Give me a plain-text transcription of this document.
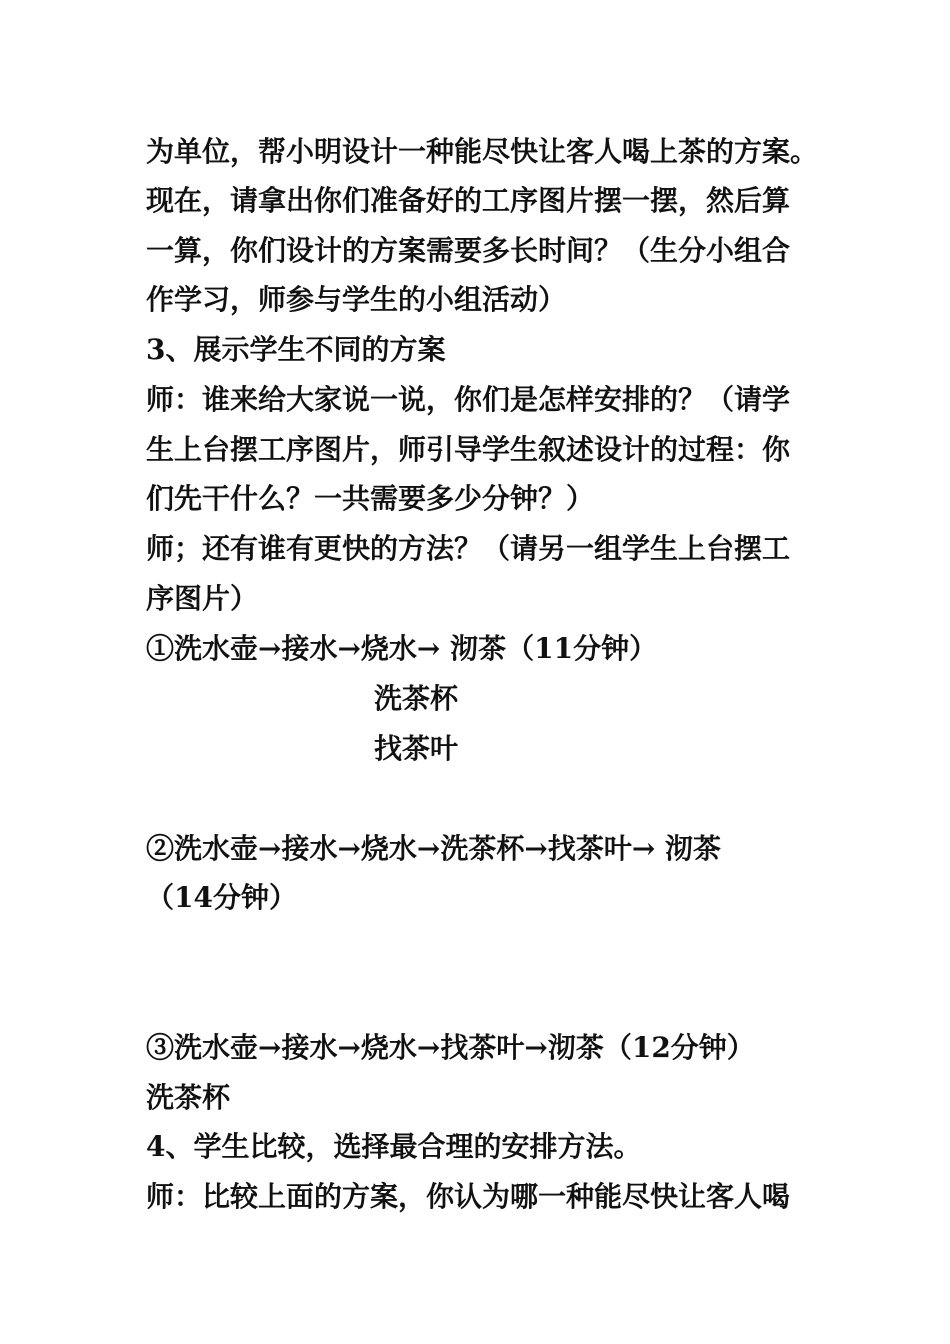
为单位，帮小明设计一种能尽快让客人喝上茶的方案。
现在，请拿出你们准备好的工序图片摆一摆，然后算
一算，你们设计的方案需要多长时间？（生分小组合
作学习，师参与学生的小组活动）
3、展示学生不同的方案
师：谁来给大家说一说，你们是怎样安排的？（请学
生上台摆工序图片，师引导学生叙述设计的过程：你
们先干什么？一共需要多少分钟？）
师；还有谁有更快的方法？（请另一组学生上台摆工
序图片）
①洗水壶→接水→烧水→ 沏茶（11分钟）
洗茶杯
找茶叶
②洗水壶→接水→烧水→洗茶杯→找茶叶→ 沏茶
（14分钟）
③洗水壶→接水→烧水→找茶叶→沏茶（12分钟）
洗茶杯
4、学生比较，选择最合理的安排方法。
师：比较上面的方案，你认为哪一种能尽快让客人喝
